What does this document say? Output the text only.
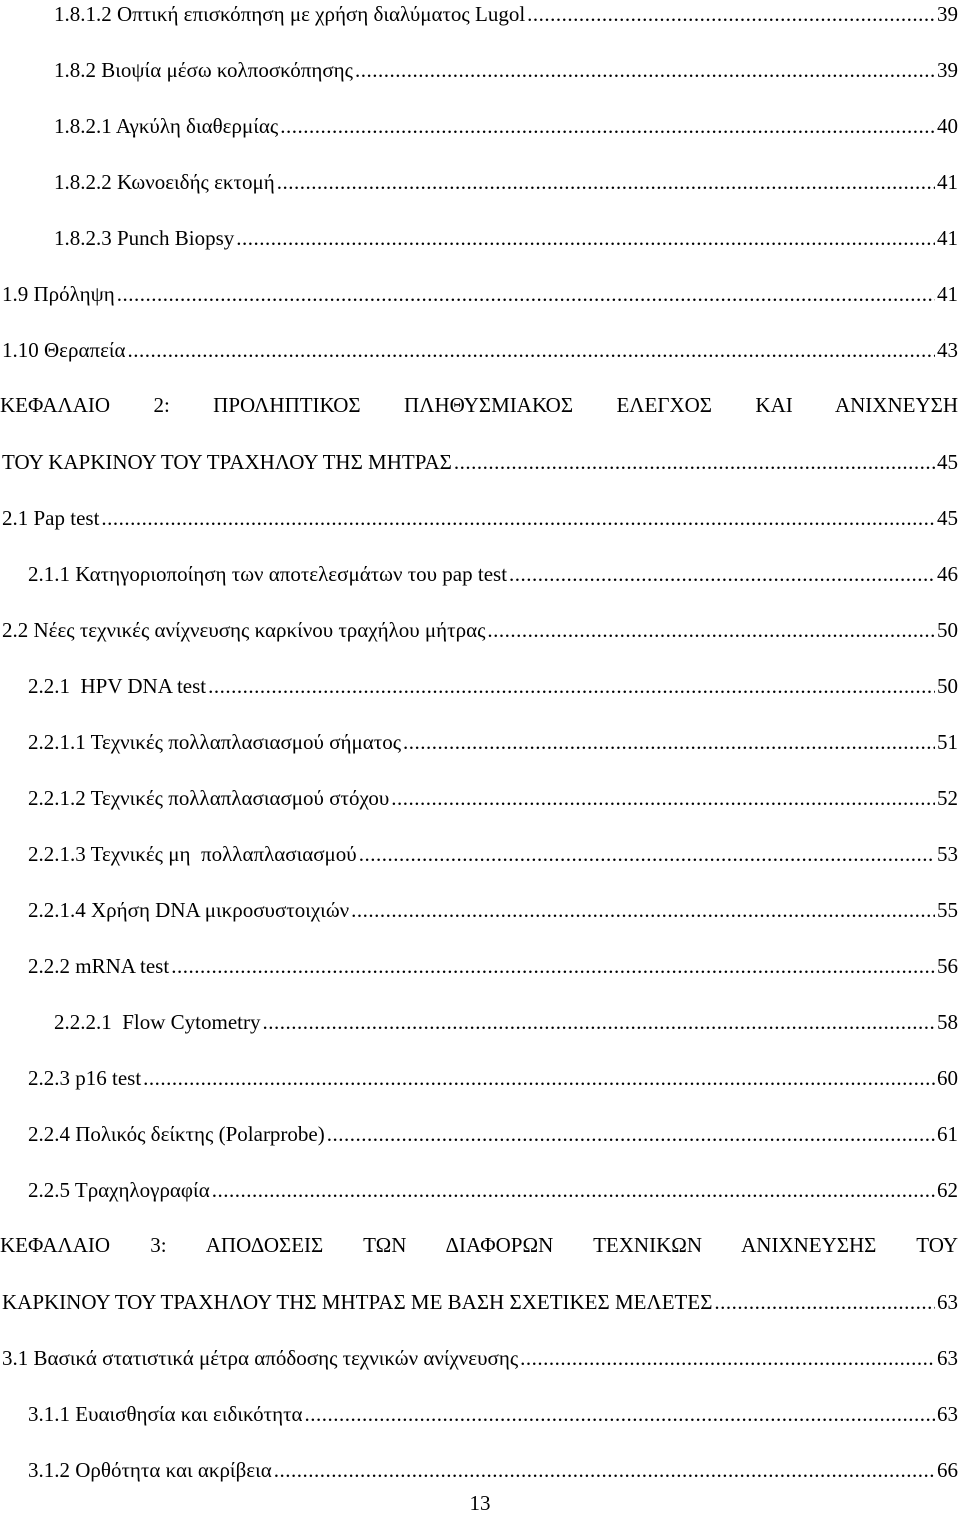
1.8.1.2 Οπτική επισκόπηση με χρήση διαλύματος Lugol .....	39
1.8.2 Βιοψία μέσω κολποσκόπησης .....	39
1.8.2.1 Αγκύλη διαθερμίας .....	40
1.8.2.2 Κωνοειδής εκτομή .....	41
1.8.2.3 Punch Biopsy .....	41
1.9 Πρόληψη .....	41
1.10 Θεραπεία .....	43
ΚΕΦΑΛΑΙΟ 2: ΠΡΟΛΗΠΤΙΚΟΣ ΠΛΗΘΥΣΜΙΑΚΟΣ ΕΛΕΓΧΟΣ ΚΑΙ ΑΝΙΧΝΕΥΣΗ
ΤΟΥ ΚΑΡΚΙΝΟΥ ΤΟΥ ΤΡΑΧΗΛΟΥ ΤΗΣ ΜΗΤΡΑΣ .....	45
2.1 Pap test .....	45
2.1.1 Κατηγοριοποίηση των αποτελεσμάτων του pap test .....	46
2.2 Νέες τεχνικές ανίχνευσης καρκίνου τραχήλου μήτρας .....	50
2.2.1  HPV DNA test .....	50
2.2.1.1 Τεχνικές πολλαπλασιασμού σήματος .....	51
2.2.1.2 Τεχνικές πολλαπλασιασμού στόχου .....	52
2.2.1.3 Τεχνικές μη  πολλαπλασιασμού .....	53
2.2.1.4 Χρήση DNA μικροσυστοιχιών .....	55
2.2.2 mRNA test .....	56
2.2.2.1  Flow Cytometry .....	58
2.2.3 p16 test .....	60
2.2.4 Πολικός δείκτης (Polarprobe) .....	61
2.2.5 Τραχηλογραφία .....	62
ΚΕΦΑΛΑΙΟ 3: ΑΠΟΔΟΣΕΙΣ ΤΩΝ ΔΙΑΦΟΡΩΝ ΤΕΧΝΙΚΩΝ ΑΝΙΧΝΕΥΣΗΣ ΤΟΥ
ΚΑΡΚΙΝΟΥ ΤΟΥ ΤΡΑΧΗΛΟΥ ΤΗΣ ΜΗΤΡΑΣ ΜΕ ΒΑΣΗ ΣΧΕΤΙΚΕΣ ΜΕΛΕΤΕΣ .....	63
3.1 Βασικά στατιστικά μέτρα απόδοσης τεχνικών ανίχνευσης .....	63
3.1.1 Ευαισθησία και ειδικότητα .....	63
3.1.2 Ορθότητα και ακρίβεια .....	66
13
